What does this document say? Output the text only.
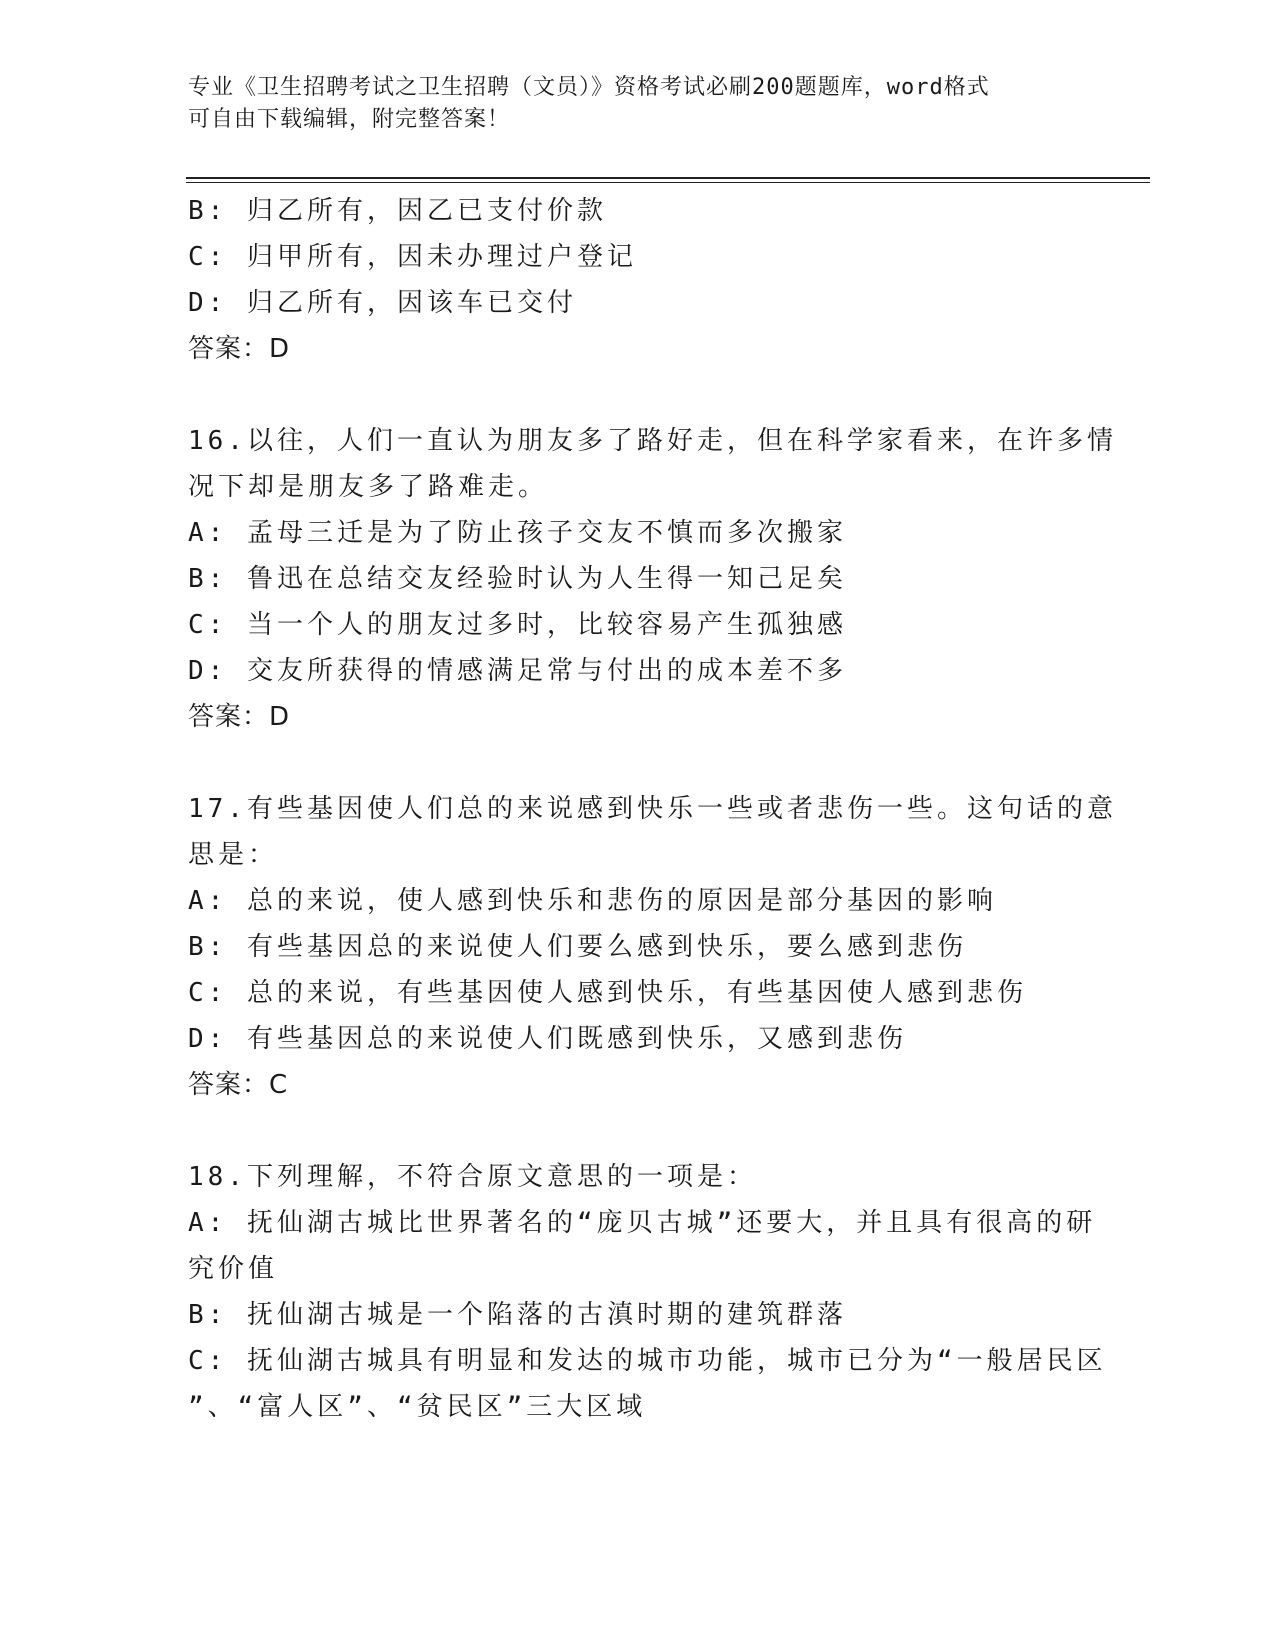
专业《卫生招聘考试之卫生招聘（文员）》资格考试必刷200题题库，word格式
可自由下载编辑，附完整答案！
B: 归乙所有，因乙已支付价款
C: 归甲所有，因未办理过户登记
D: 归乙所有，因该车已交付
答案：D
16.以往，人们一直认为朋友多了路好走，但在科学家看来，在许多情
况下却是朋友多了路难走。
A: 孟母三迁是为了防止孩子交友不慎而多次搬家
B: 鲁迅在总结交友经验时认为人生得一知己足矣
C: 当一个人的朋友过多时，比较容易产生孤独感
D: 交友所获得的情感满足常与付出的成本差不多
答案：D
17.有些基因使人们总的来说感到快乐一些或者悲伤一些。这句话的意
思是：
A: 总的来说，使人感到快乐和悲伤的原因是部分基因的影响
B: 有些基因总的来说使人们要么感到快乐，要么感到悲伤
C: 总的来说，有些基因使人感到快乐，有些基因使人感到悲伤
D: 有些基因总的来说使人们既感到快乐，又感到悲伤
答案：C
18.下列理解，不符合原文意思的一项是：
A: 抚仙湖古城比世界著名的“庞贝古城”还要大，并且具有很高的研
究价值
B: 抚仙湖古城是一个陷落的古滇时期的建筑群落
C: 抚仙湖古城具有明显和发达的城市功能，城市已分为“一般居民区
”、“富人区”、“贫民区”三大区域
